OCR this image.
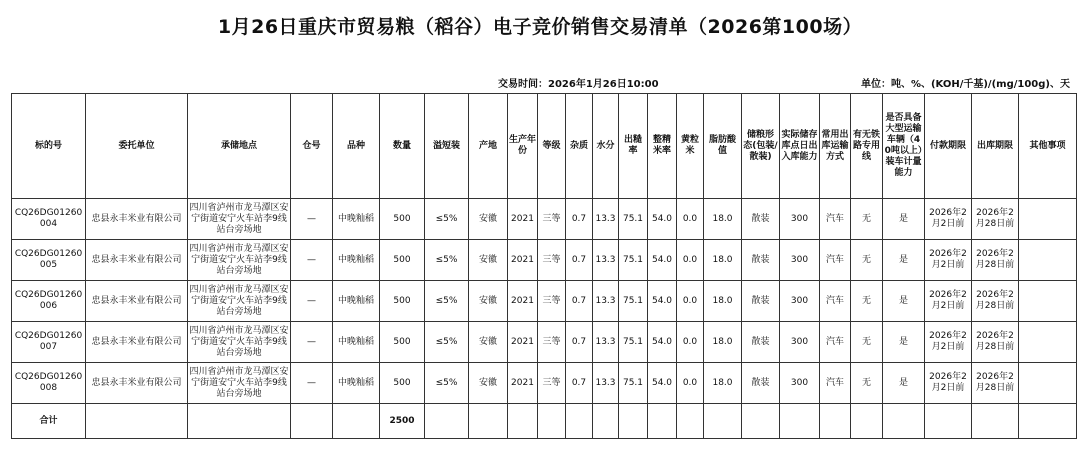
1月26日重庆市贸易粮（稻谷）电子竞价销售交易清单（2026第100场）
交易时间：2026年1月26日10:00	单位：吨、%、(KOH/千基)/(mg/100g)、天
标的号	委托单位	承储地点	仓号	品种	数量	溢短装	产地	生产年份	等级	杂质	水分	出糙率	整精米率	黄粒米	脂肪酸值	储粮形态(包装/散装)	实际储存库点日出入库能力	常用出库运输方式	有无铁路专用线	是否具备大型运输车辆（40吨以上）装车计量能力	付款期限	出库期限	其他事项
CQ26DG01260004	忠县永丰米业有限公司	四川省泸州市龙马潭区安宁街道安宁火车站李9线站台旁场地	—	中晚籼稻	500	≤5%	安徽	2021	三等	0.7	13.3	75.1	54.0	0.0	18.0	散装	300	汽车	无	是	2026年2月2日前	2026年2月28日前	
CQ26DG01260005	忠县永丰米业有限公司	四川省泸州市龙马潭区安宁街道安宁火车站李9线站台旁场地	—	中晚籼稻	500	≤5%	安徽	2021	三等	0.7	13.3	75.1	54.0	0.0	18.0	散装	300	汽车	无	是	2026年2月2日前	2026年2月28日前	
CQ26DG01260006	忠县永丰米业有限公司	四川省泸州市龙马潭区安宁街道安宁火车站李9线站台旁场地	—	中晚籼稻	500	≤5%	安徽	2021	三等	0.7	13.3	75.1	54.0	0.0	18.0	散装	300	汽车	无	是	2026年2月2日前	2026年2月28日前	
CQ26DG01260007	忠县永丰米业有限公司	四川省泸州市龙马潭区安宁街道安宁火车站李9线站台旁场地	—	中晚籼稻	500	≤5%	安徽	2021	三等	0.7	13.3	75.1	54.0	0.0	18.0	散装	300	汽车	无	是	2026年2月2日前	2026年2月28日前	
CQ26DG01260008	忠县永丰米业有限公司	四川省泸州市龙马潭区安宁街道安宁火车站李9线站台旁场地	—	中晚籼稻	500	≤5%	安徽	2021	三等	0.7	13.3	75.1	54.0	0.0	18.0	散装	300	汽车	无	是	2026年2月2日前	2026年2月28日前	
合计					2500																		
